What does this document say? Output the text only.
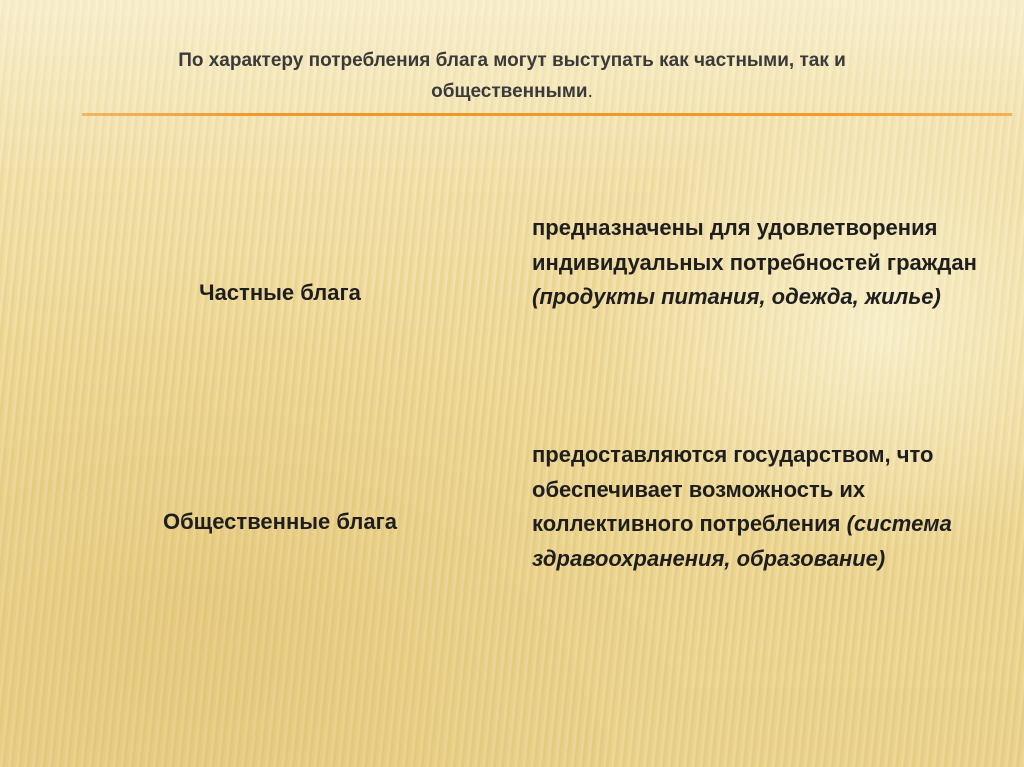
По характеру потребления блага могут выступать как частными, так и
общественными.
Частные блага
предназначены для удовлетворения индивидуальных потребностей граждан (продукты питания, одежда, жилье)
Общественные блага
предоставляются государством, что обеспечивает возможность их коллективного потребления (система здравоохранения, образование)
